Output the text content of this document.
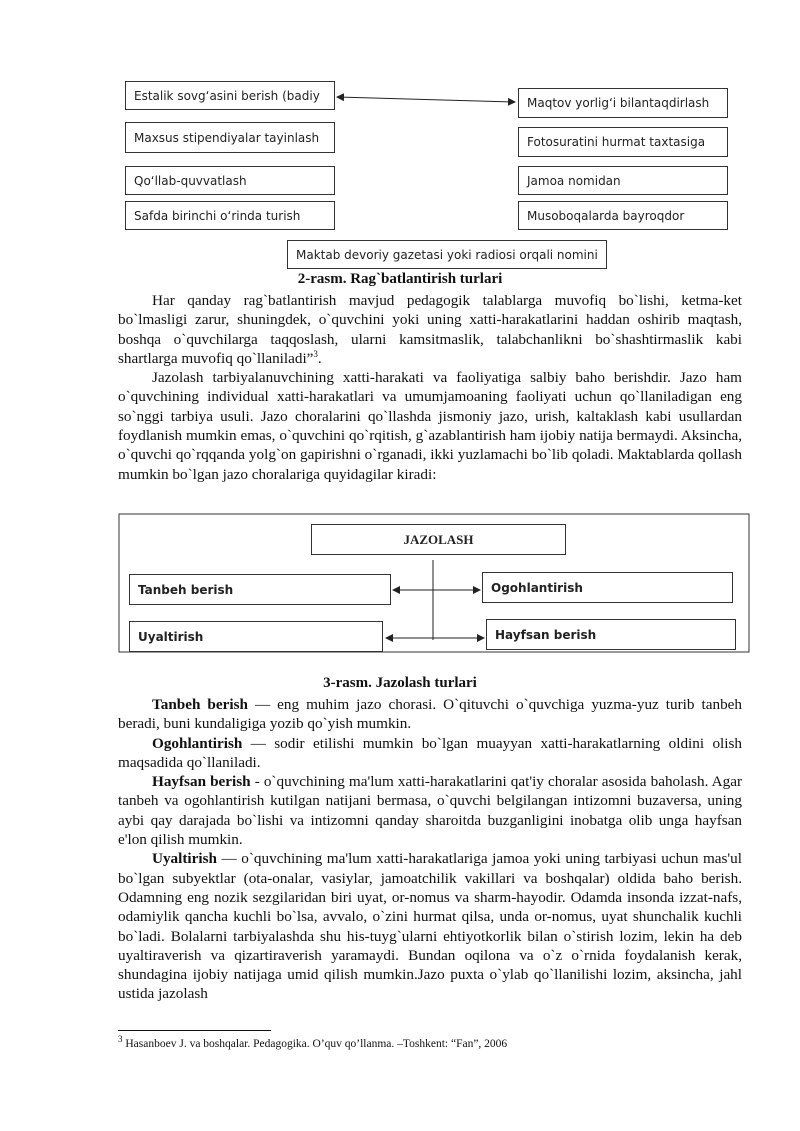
Estalik sovg‘asini berish (badiy
Maxsus stipendiyalar tayinlash
Qo‘llab-quvvatlash
Safda birinchi o‘rinda turish
Maqtov yorlig‘i bilantaqdirlash
Fotosuratini hurmat taxtasiga
Jamoa nomidan
Musoboqalarda bayroqdor
Maktab devoriy gazetasi yoki radiosi orqali nomini
2-rasm. Rag`batlantirish turlari

Har qanday rag`batlantirish mavjud pedagogik talablarga muvofiq bo`lishi, ketma-ket bo`lmasligi zarur, shuningdek, o`quvchini yoki uning xatti-harakatlarini haddan oshirib maqtash, boshqa o`quvchilarga taqqoslash, ularni kamsitmaslik, talabchanlikni bo`shashtirmaslik kabi shartlarga muvofiq qo`llaniladi”$^3$.

Jazolash tarbiyalanuvchining xatti-harakati va faoliyatiga salbiy baho berishdir. Jazo ham o`quvchining individual xatti-harakatlari va umumjamoaning faoliyati uchun qo`llaniladigan eng so`nggi tarbiya usuli. Jazo choralarini qo`llashda jismoniy jazo, urish, kaltaklash kabi usullardan foydlanish mumkin emas, o`quvchini qo`rqitish, g`azablantirish ham ijobiy natija bermaydi. Aksincha, o`quvchi qo`rqqanda yolg`on gapirishni o`rganadi, ikki yuzlamachi bo`lib qoladi. Maktablarda qollash mumkin bo`lgan jazo choralariga quyidagilar kiradi:

JAZOLASH
Tanbeh berish
Uyaltirish
Ogohlantirish
Hayfsan berish
3-rasm. Jazolash turlari

Tanbeh berish — eng muhim jazo chorasi. O`qituvchi o`quvchiga yuzma-yuz turib tanbeh beradi, buni kundaligiga yozib qo`yish mumkin.

Ogohlantirish — sodir etilishi mumkin bo`lgan muayyan xatti-harakatlarning oldini olish maqsadida qo`llaniladi.

Hayfsan berish - o`quvchining ma'lum xatti-harakatlarini qat'iy choralar asosida baholash. Agar tanbeh va ogohlantirish kutilgan natijani bermasa, o`quvchi belgilangan intizomni buzaversa, uning aybi qay darajada bo`lishi va intizomni qanday sharoitda buzganligini inobatga olib unga hayfsan e'lon qilish mumkin.

Uyaltirish — o`quvchining ma'lum xatti-harakatlariga jamoa yoki uning tarbiyasi uchun mas'ul bo`lgan subyektlar (ota-onalar, vasiylar, jamoatchilik vakillari va boshqalar) oldida baho berish. Odamning eng nozik sezgilaridan biri uyat, or-nomus va sharm-hayodir. Odamda insonda izzat-nafs, odamiylik qancha kuchli bo`lsa, avvalo, o`zini hurmat qilsa, unda or-nomus, uyat shunchalik kuchli bo`ladi. Bolalarni tarbiyalashda shu his-tuyg`ularni ehtiyotkorlik bilan o`stirish lozim, lekin ha deb uyaltiraverish va qizartiraverish yaramaydi. Bundan oqilona va o`z o`rnida foydalanish kerak, shundagina ijobiy natijaga umid qilish mumkin.Jazo puxta o`ylab qo`llanilishi lozim, aksincha, jahl ustida jazolash

$^3$ Hasanboev J. va boshqalar. Pedagogika. O’quv qo’llanma. –Toshkent: “Fan”, 2006
